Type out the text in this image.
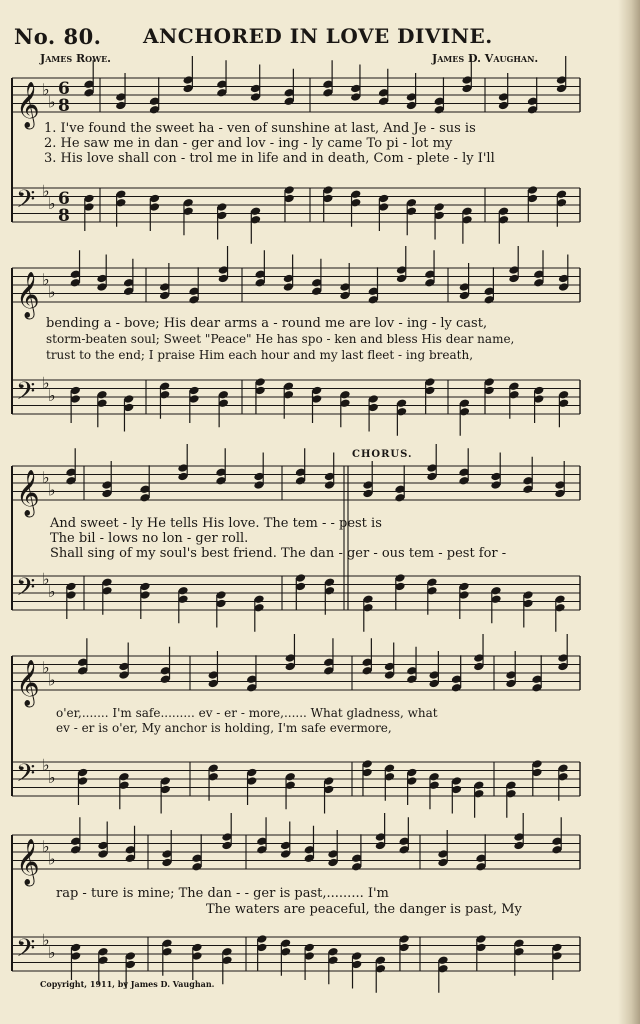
No. 80. ANCHORED IN LOVE DIVINE.
James Rowe.	James D. Vaughan.
𝄞 ♭
♭
6
8
𝄢 ♭
♭ 6
8
𝄞 ♭
♭
𝄢 ♭
♭
𝄞 ♭
♭
𝄢 ♭
♭
𝄞 ♭
♭
𝄢 ♭
♭
𝄞 ♭
♭
𝄢 ♭
♭
1. I've found the sweet ha - ven of sunshine at last, And Je - sus is
2. He saw me in dan - ger and lov - ing - ly came To pi - lot my
3. His love shall con - trol me in life and in death, Com - plete - ly I'll
bending a - bove; His dear arms a - round me are lov - ing - ly cast,
storm-beaten soul; Sweet "Peace" He has spo - ken and bless His dear name,
trust to the end; I praise Him each hour and my last fleet - ing breath,
CHORUS.
And sweet - ly He tells His love. The tem - - pest is
The bil - lows no lon - ger roll.
Shall sing of my soul's best friend. The dan - ger - ous tem - pest for -
o'er,....... I'm safe......... ev - er - more,...... What gladness, what
ev - er is o'er, My anchor is holding, I'm safe evermore,
rap - ture is mine; The dan - - ger is past,......... I'm
The waters are peaceful, the danger is past, My
Copyright, 1911, by James D. Vaughan.
